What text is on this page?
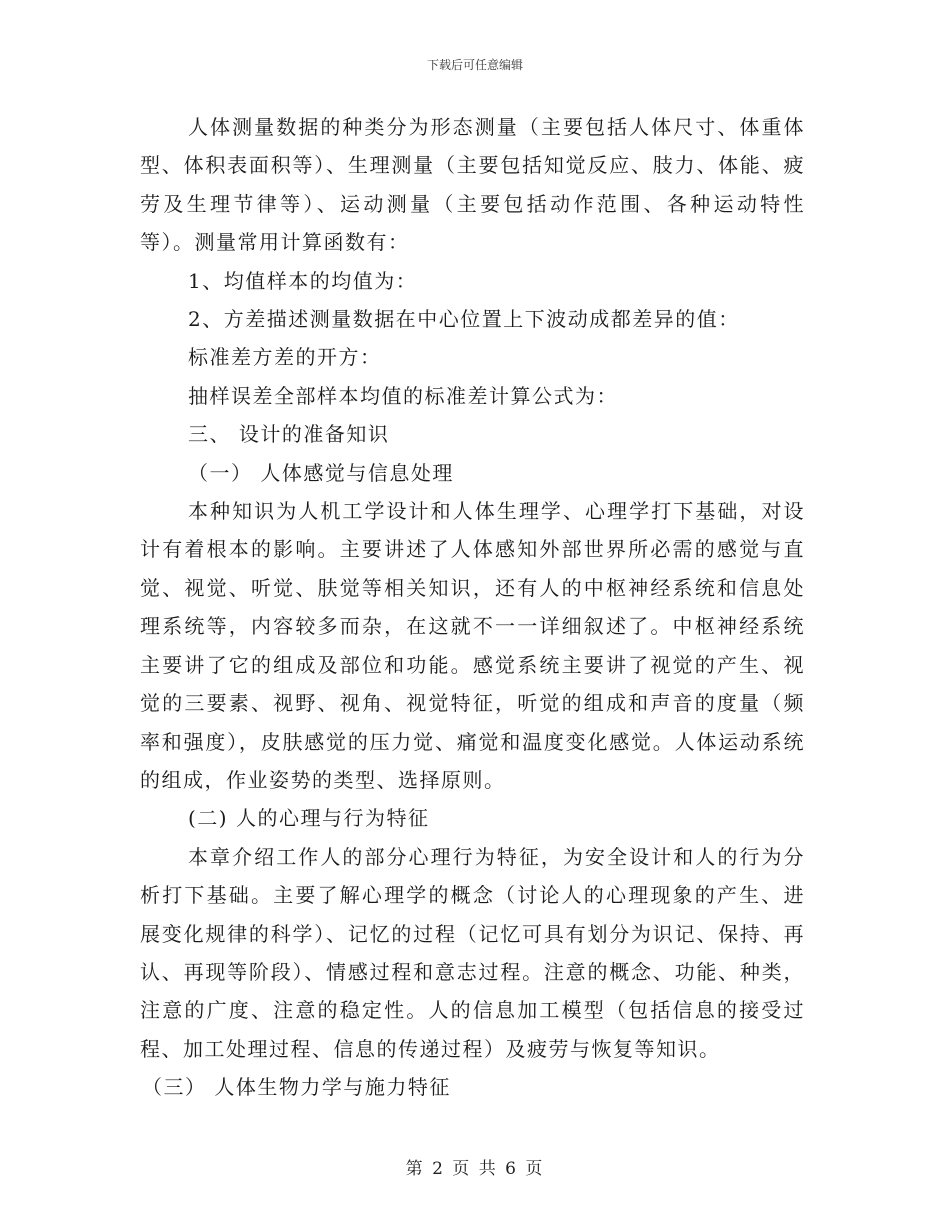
下载后可任意编辑

人体测量数据的种类分为形态测量（主要包括人体尺寸、体重体型、体积表面积等）、生理测量（主要包括知觉反应、肢力、体能、疲劳及生理节律等）、运动测量（主要包括动作范围、各种运动特性等）。测量常用计算函数有：

1、均值样本的均值为：

2、方差描述测量数据在中心位置上下波动成都差异的值：

标准差方差的开方：

抽样误差全部样本均值的标准差计算公式为：

三、 设计的准备知识

（一） 人体感觉与信息处理

本种知识为人机工学设计和人体生理学、心理学打下基础，对设计有着根本的影响。主要讲述了人体感知外部世界所必需的感觉与直觉、视觉、听觉、肤觉等相关知识，还有人的中枢神经系统和信息处理系统等，内容较多而杂，在这就不一一详细叙述了。中枢神经系统主要讲了它的组成及部位和功能。感觉系统主要讲了视觉的产生、视觉的三要素、视野、视角、视觉特征，听觉的组成和声音的度量（频率和强度），皮肤感觉的压力觉、痛觉和温度变化感觉。人体运动系统的组成，作业姿势的类型、选择原则。

(二) 人的心理与行为特征

本章介绍工作人的部分心理行为特征，为安全设计和人的行为分析打下基础。主要了解心理学的概念（讨论人的心理现象的产生、进展变化规律的科学）、记忆的过程（记忆可具有划分为识记、保持、再认、再现等阶段）、情感过程和意志过程。注意的概念、功能、种类，注意的广度、注意的稳定性。人的信息加工模型（包括信息的接受过程、加工处理过程、信息的传递过程）及疲劳与恢复等知识。

（三） 人体生物力学与施力特征

第 2 页 共 6 页
